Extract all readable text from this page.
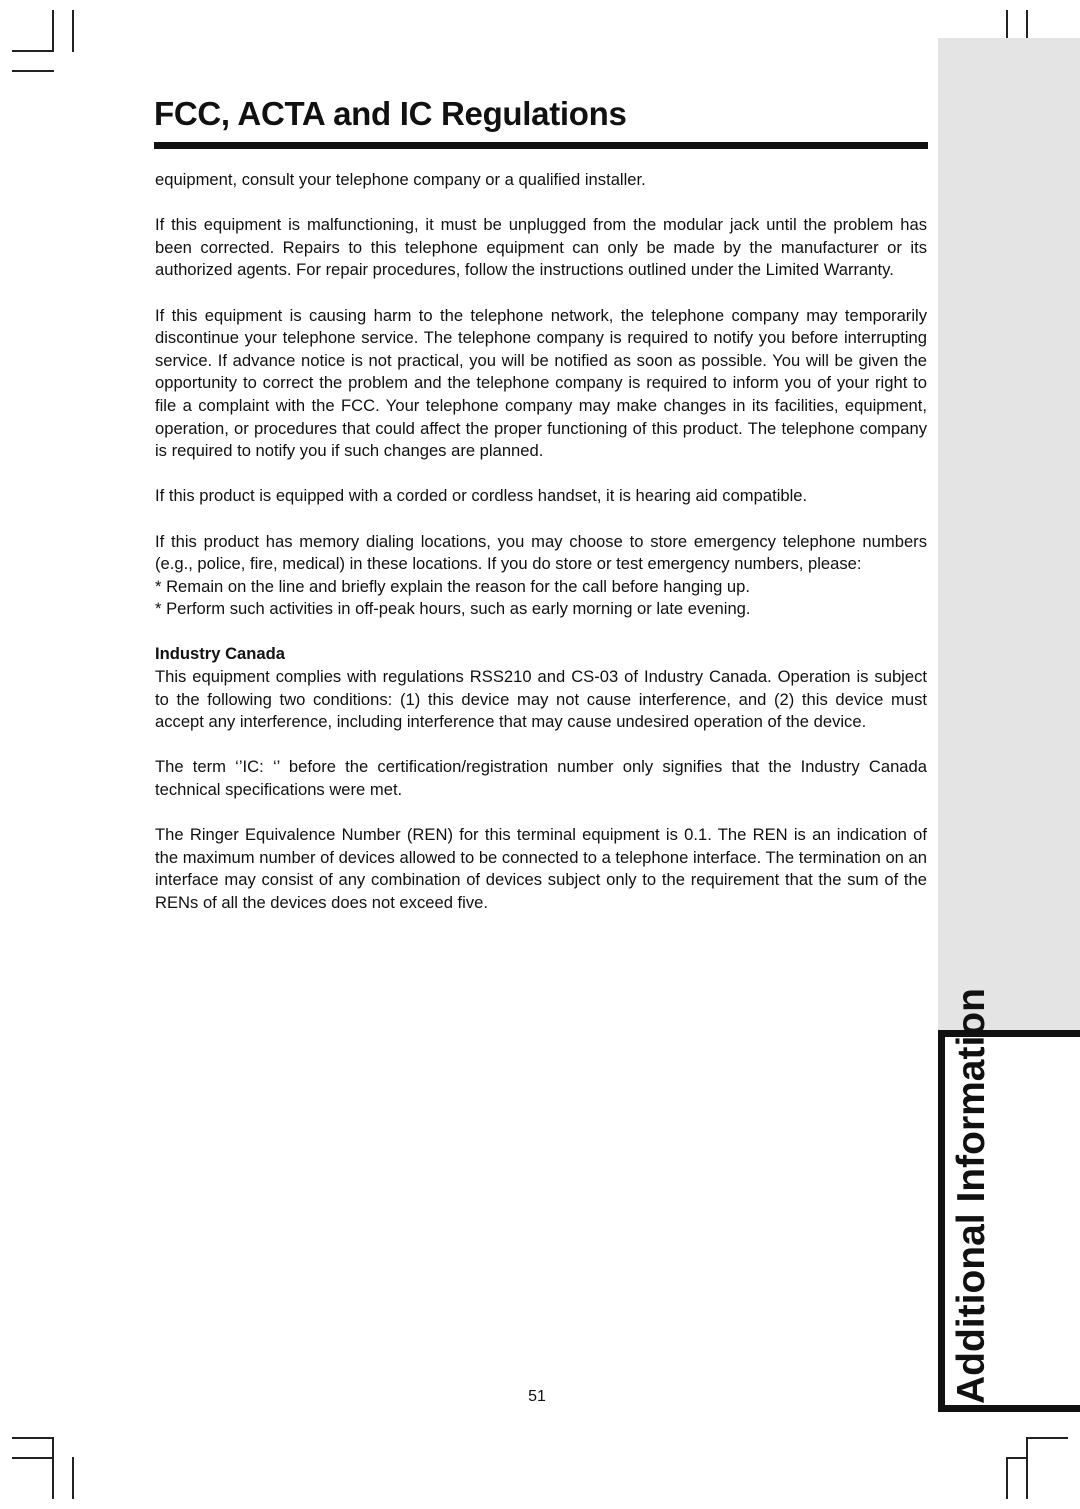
Additional Information
FCC, ACTA and IC Regulations

equipment, consult your telephone company or a qualified installer.

If this equipment is malfunctioning, it must be unplugged from the modular jack until the problem has been corrected. Repairs to this telephone equipment can only be made by the manufacturer or its authorized agents. For repair procedures, follow the instructions outlined under the Limited Warranty.

If this equipment is causing harm to the telephone network, the telephone company may temporarily discontinue your telephone service. The telephone company is required to notify you before interrupting service. If advance notice is not practical, you will be notified as soon as possible. You will be given the opportunity to correct the problem and the telephone company is required to inform you of your right to file a complaint with the FCC. Your telephone company may make changes in its facilities, equipment, operation, or procedures that could affect the proper functioning of this product. The telephone company is required to notify you if such changes are planned.

If this product is equipped with a corded or cordless handset, it is hearing aid compatible.

If this product has memory dialing locations, you may choose to store emergency telephone numbers (e.g., police, fire, medical) in these locations. If you do store or test emergency numbers, please:

* Remain on the line and briefly explain the reason for the call before hanging up.
* Perform such activities in off-peak hours, such as early morning or late evening.
Industry Canada

This equipment complies with regulations RSS210 and CS-03 of Industry Canada. Operation is subject to the following two conditions: (1) this device may not cause interference, and (2) this device must accept any interference, including interference that may cause undesired operation of the device.

The term ‘’IC: ‘’ before the certification/registration number only signifies that the Industry Canada technical specifications were met.

The Ringer Equivalence Number (REN) for this terminal equipment is 0.1. The REN is an indication of the maximum number of devices allowed to be connected to a telephone interface. The termination on an interface may consist of any combination of devices subject only to the requirement that the sum of the RENs of all the devices does not exceed five.

51
